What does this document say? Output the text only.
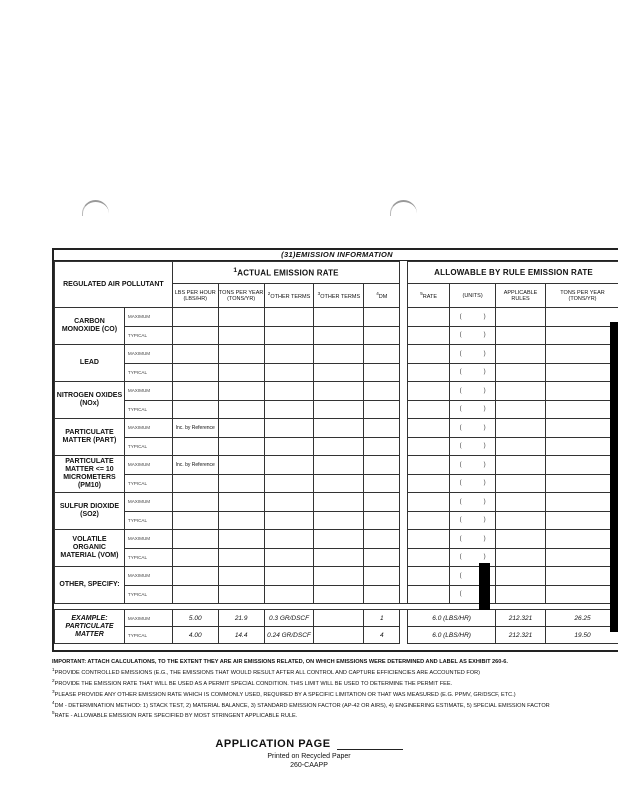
(31)EMISSION INFORMATION
REGULATED AIR POLLUTANT		$^1$ACTUAL EMISSION RATE						ALLOWABLE BY RULE EMISSION RATE			
		LBS PER HOUR (LBS/HR)	TONS PER YEAR (TONS/YR)	$^2$OTHER TERMS	$^3$OTHER TERMS	$^4$DM		$^5$RATE	(UNITS)	APPLICABLE RULES	TONS PER YEAR (TONS/YR)
CARBON MONOXIDE (CO)	MAXIMUM								( )		
	TYPICAL								( )		
LEAD	MAXIMUM								( )		
	TYPICAL								( )		
NITROGEN OXIDES (NOx)	MAXIMUM								( )		
	TYPICAL								( )		
PARTICULATE MATTER (PART)	MAXIMUM	Inc. by Reference							( )		
	TYPICAL								( )		
PARTICULATE MATTER <= 10 MICROMETERS (PM10)	MAXIMUM	Inc. by Reference							( )		
	TYPICAL								( )		
SULFUR DIOXIDE (SO2)	MAXIMUM								( )		
	TYPICAL								( )		
VOLATILE ORGANIC MATERIAL (VOM)	MAXIMUM								( )		
	TYPICAL								( )		
OTHER, SPECIFY:	MAXIMUM								(		
	TYPICAL								(		

EXAMPLE: PARTICULATE MATTER	MAXIMUM	5.00	21.9	0.3 GR/DSCF		1		6.0 (LBS/HR)		212.321	26.25
	TYPICAL	4.00	14.4	0.24 GR/DSCF		4		6.0 (LBS/HR)		212.321	19.50
IMPORTANT: ATTACH CALCULATIONS, TO THE EXTENT THEY ARE AIR EMISSIONS RELATED, ON WHICH EMISSIONS WERE DETERMINED AND LABEL AS EXHIBIT 260-6.
$^1$PROVIDE CONTROLLED EMISSIONS (E.G., THE EMISSIONS THAT WOULD RESULT AFTER ALL CONTROL AND CAPTURE EFFICIENCIES ARE ACCOUNTED FOR)
$^2$PROVIDE THE EMISSION RATE THAT WILL BE USED AS A PERMIT SPECIAL CONDITION. THIS LIMIT WILL BE USED TO DETERMINE THE PERMIT FEE.
$^3$PLEASE PROVIDE ANY OTHER EMISSION RATE WHICH IS COMMONLY USED, REQUIRED BY A SPECIFIC LIMITATION OR THAT WAS MEASURED (E.G. PPMV, GR/DSCF, ETC.)
$^4$DM - DETERMINATION METHOD: 1) STACK TEST, 2) MATERIAL BALANCE, 3) STANDARD EMISSION FACTOR (AP-42 OR AIRS), 4) ENGINEERING ESTIMATE, 5) SPECIAL EMISSION FACTOR
$^5$RATE - ALLOWABLE EMISSION RATE SPECIFIED BY MOST STRINGENT APPLICABLE RULE.
APPLICATION PAGE
Printed on Recycled Paper
260-CAAPP
